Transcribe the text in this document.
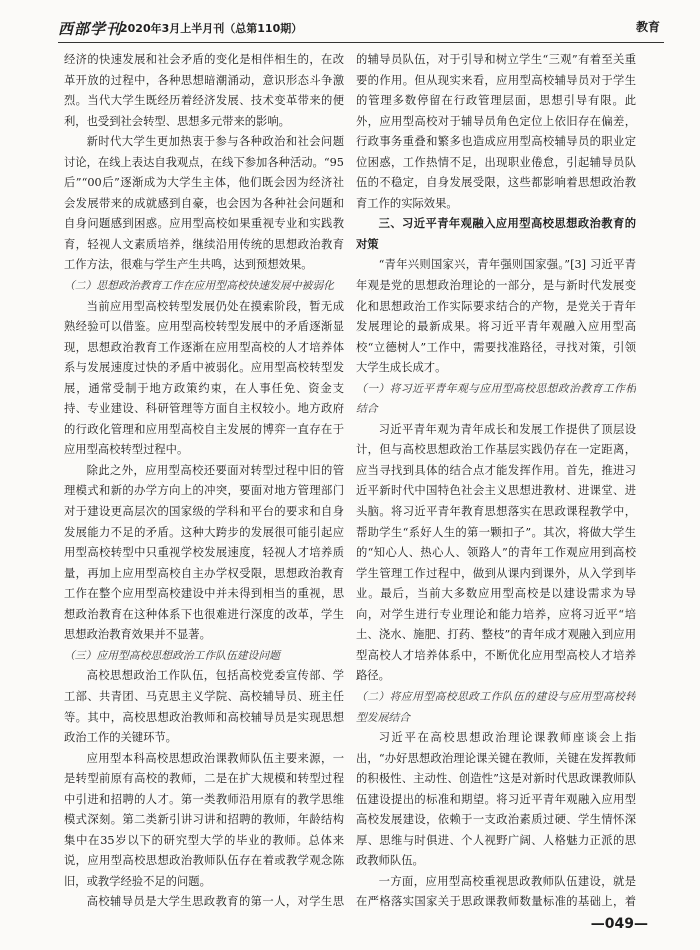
西部学刊
2020年3月上半月刊（总第110期）	教育

经济的快速发展和社会矛盾的变化是相伴相生的，在改革开放的过程中，各种思想暗潮涌动，意识形态斗争激烈。当代大学生既经历着经济发展、技术变革带来的便利，也受到社会转型、思想多元带来的影响。

新时代大学生更加热衷于参与各种政治和社会问题讨论，在线上表达自我观点，在线下参加各种活动。“95后”“00后”逐渐成为大学生主体，他们既会因为经济社会发展带来的成就感到自豪，也会因为各种社会问题和自身问题感到困惑。应用型高校如果重视专业和实践教育，轻视人文素质培养，继续沿用传统的思想政治教育工作方法，很难与学生产生共鸣，达到预想效果。

（二）思想政治教育工作在应用型高校快速发展中被弱化

当前应用型高校转型发展仍处在摸索阶段，暂无成熟经验可以借鉴。应用型高校转型发展中的矛盾逐渐显现，思想政治教育工作逐渐在应用型高校的人才培养体系与发展速度过快的矛盾中被弱化。应用型高校转型发展，通常受制于地方政策约束，在人事任免、资金支持、专业建设、科研管理等方面自主权较小。地方政府的行政化管理和应用型高校自主发展的博弈一直存在于应用型高校转型过程中。

除此之外，应用型高校还要面对转型过程中旧的管理模式和新的办学方向上的冲突，要面对地方管理部门对于建设更高层次的国家级的学科和平台的要求和自身发展能力不足的矛盾。这种大跨步的发展很可能引起应用型高校转型中只重视学校发展速度，轻视人才培养质量，再加上应用型高校自主办学权受限，思想政治教育工作在整个应用型高校建设中并未得到相当的重视，思想政治教育在这种体系下也很难进行深度的改革，学生思想政治教育效果并不显著。

（三）应用型高校思想政治工作队伍建设问题

高校思想政治工作队伍，包括高校党委宣传部、学工部、共青团、马克思主义学院、高校辅导员、班主任等。其中，高校思想政治教师和高校辅导员是实现思想政治工作的关键环节。

应用型本科高校思想政治课教师队伍主要来源，一是转型前原有高校的教师，二是在扩大规模和转型过程中引进和招聘的人才。第一类教师沿用原有的教学思维模式深刻。第二类新引讲习讲和招聘的教师，年龄结构集中在35岁以下的研究型大学的毕业的教师。总体来说，应用型高校思想政治教师队伍存在着或教学观念陈旧，或教学经验不足的问题。

高校辅导员是大学生思政教育的第一人，对学生思

的辅导员队伍，对于引导和树立学生“三观”有着至关重要的作用。但从现实来看，应用型高校辅导员对于学生的管理多数停留在行政管理层面，思想引导有限。此外，应用型高校对于辅导员角色定位上依旧存在偏差，行政事务重叠和繁多也造成应用型高校辅导员的职业定位困惑，工作热情不足，出现职业倦怠，引起辅导员队伍的不稳定，自身发展受限，这些都影响着思想政治教育工作的实际效果。

三、习近平青年观融入应用型高校思想政治教育的对策

“青年兴则国家兴，青年强则国家强。”[3] 习近平青年观是党的思想政治理论的一部分，是与新时代发展变化和思想政治工作实际要求结合的产物，是党关于青年发展理论的最新成果。将习近平青年观融入应用型高校“立德树人”工作中，需要找准路径，寻找对策，引领大学生成长成才。

（一）将习近平青年观与应用型高校思想政治教育工作相结合

习近平青年观为青年成长和发展工作提供了顶层设计，但与高校思想政治工作基层实践仍存在一定距离，应当寻找到具体的结合点才能发挥作用。首先，推进习近平新时代中国特色社会主义思想进教材、进课堂、进头脑。将习近平青年教育思想落实在思政课程教学中，帮助学生“系好人生的第一颗扣子”。其次，将做大学生的“知心人、热心人、领路人”的青年工作观应用到高校学生管理工作过程中，做到从课内到课外，从入学到毕业。最后，当前大多数应用型高校是以建设需求为导向，对学生进行专业理论和能力培养，应将习近平“培土、浇水、施肥、打药、整枝”的青年成才观融入到应用型高校人才培养体系中，不断优化应用型高校人才培养路径。

（二）将应用型高校思政工作队伍的建设与应用型高校转型发展结合

习近平在高校思想政治理论课教师座谈会上指出，“办好思想政治理论课关键在教师，关键在发挥教师的积极性、主动性、创造性”这是对新时代思政课教师队伍建设提出的标准和期望。将习近平青年观融入应用型高校发展建设，依赖于一支政治素质过硬、学生情怀深厚、思维与时俱进、个人视野广阔、人格魅力正派的思政教师队伍。

一方面，应用型高校重视思政教师队伍建设，就是在严格落实国家关于思政课教师数量标准的基础上，着

—049—
